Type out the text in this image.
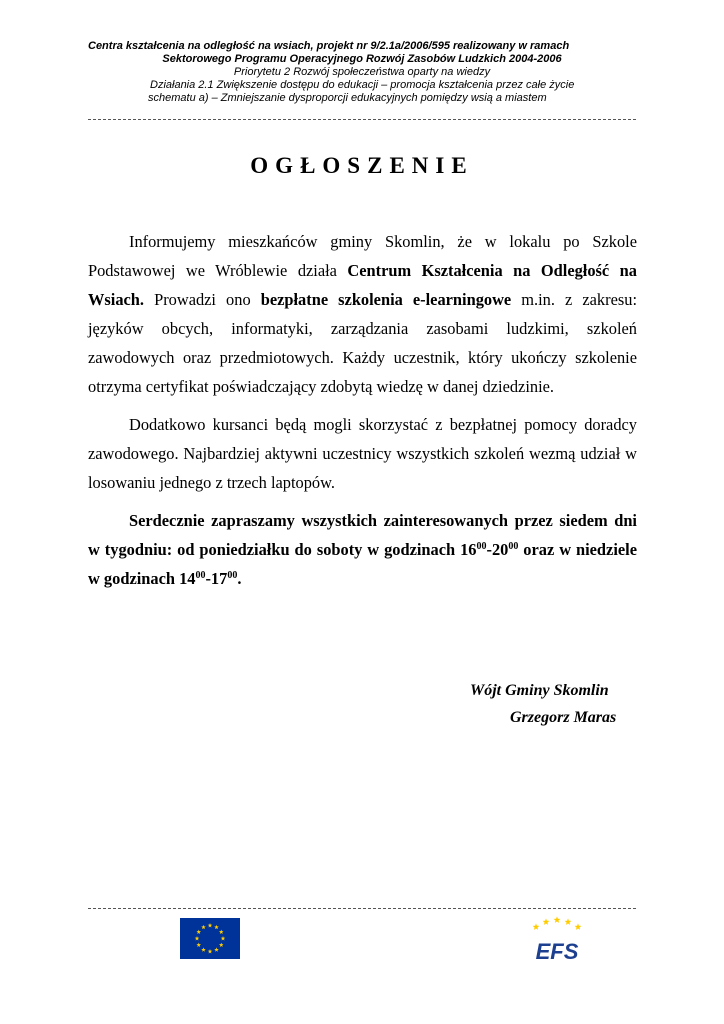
Centra kształcenia na odległość na wsiach, projekt nr 9/2.1a/2006/595 realizowany w ramach
Sektorowego Programu Operacyjnego Rozwój Zasobów Ludzkich 2004-2006
Priorytetu 2 Rozwój społeczeństwa oparty na wiedzy
Działania 2.1 Zwiększenie dostępu do edukacji – promocja kształcenia przez całe życie
schematu a) – Zmniejszanie dysproporcji edukacyjnych pomiędzy wsią a miastem
OGŁOSZENIE

Informujemy mieszkańców gminy Skomlin, że w lokalu po Szkole Podstawowej we Wróblewie działa Centrum Kształcenia na Odległość na Wsiach. Prowadzi ono bezpłatne szkolenia e-learningowe m.in. z zakresu: języków obcych, informatyki, zarządzania zasobami ludzkimi, szkoleń zawodowych oraz przedmiotowych. Każdy uczestnik, który ukończy szkolenie otrzyma certyfikat poświadczający zdobytą wiedzę w danej dziedzinie.

Dodatkowo kursanci będą mogli skorzystać z bezpłatnej pomocy doradcy zawodowego. Najbardziej aktywni uczestnicy wszystkich szkoleń wezmą udział w losowaniu jednego z trzech laptopów.

Serdecznie zapraszamy wszystkich zainteresowanych przez siedem dni w tygodniu: od poniedziałku do soboty w godzinach $16^{00}-20^{00}$ oraz w niedziele w godzinach $14^{00}-17^{00}$.

Wójt Gminy Skomlin
Grzegorz Maras
EFS
